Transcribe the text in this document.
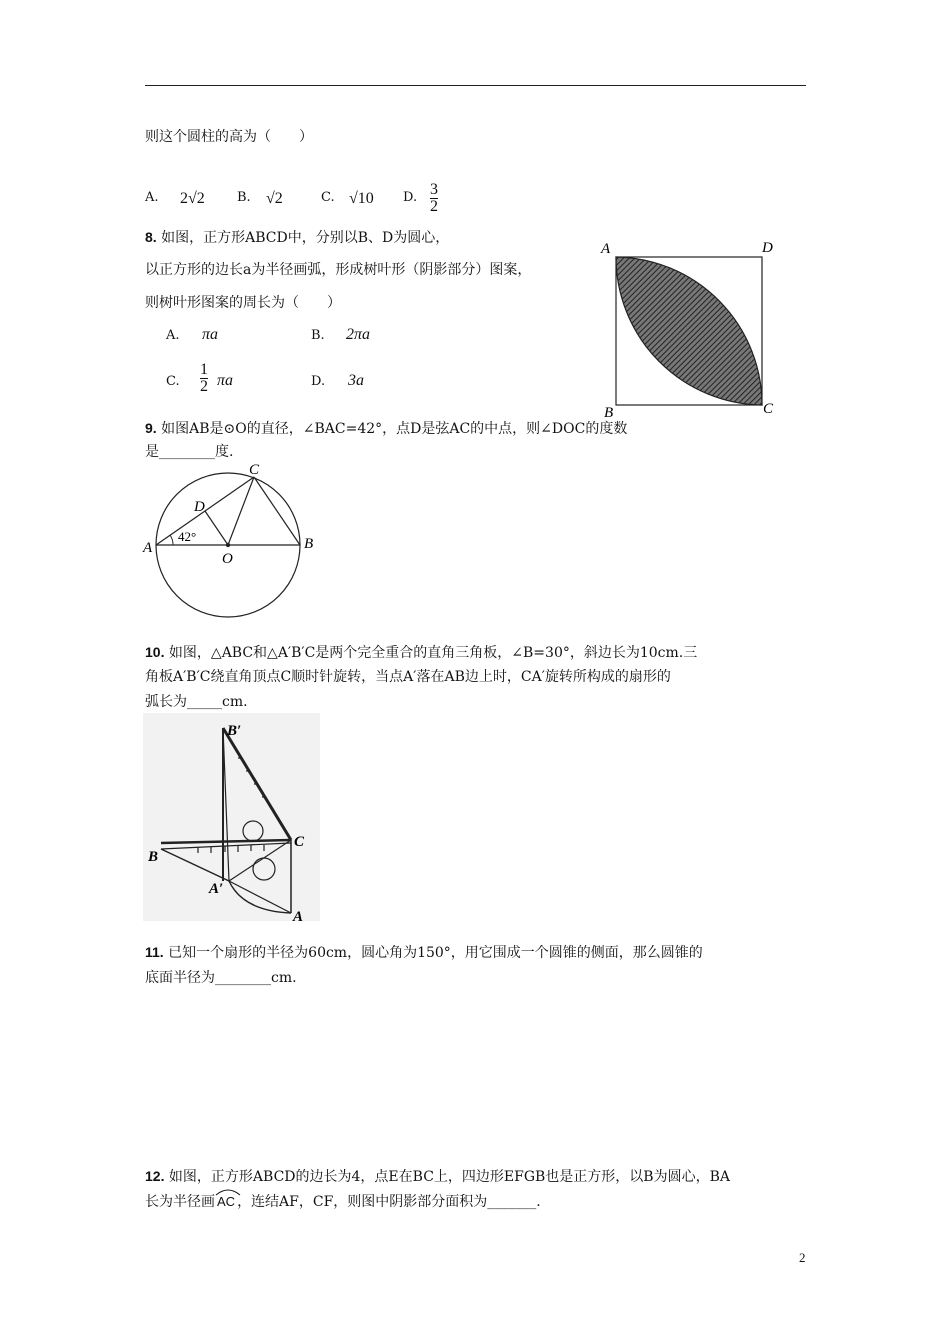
则这个圆柱的高为（　　）
A. 2√2 B. √2	C. √10 D. $\frac{3}{2}$
8. 如图，正方形ABCD中，分别以B、D为圆心，
以正方形的边长a为半径画弧，形成树叶形（阴影部分）图案，
则树叶形图案的周长为（　　）
A. πa	B. 2πa
C. $\frac{1}{2}$ πa	D. 3a
A	D
B	C
9. 如图AB是⊙O的直径，∠BAC=42°，点D是弦AC的中点，则∠DOC的度数
是________度.
42°
A	B
C
D
O
10. 如图，△ABC和△A′B′C是两个完全重合的直角三角板，∠B=30°，斜边长为10cm.三
角板A′B′C绕直角顶点C顺时针旋转，当点A′落在AB边上时，CA′旋转所构成的扇形的
弧长为_____cm.
B′
C
B
A′
A
11. 已知一个扇形的半径为60cm，圆心角为150°，用它围成一个圆锥的侧面，那么圆锥的
底面半径为________cm.
12. 如图，正方形ABCD的边长为4，点E在BC上，四边形EFGB也是正方形，以B为圆心，BA
长为半径画 AC ，连结AF，CF，则图中阴影部分面积为_______.
2
